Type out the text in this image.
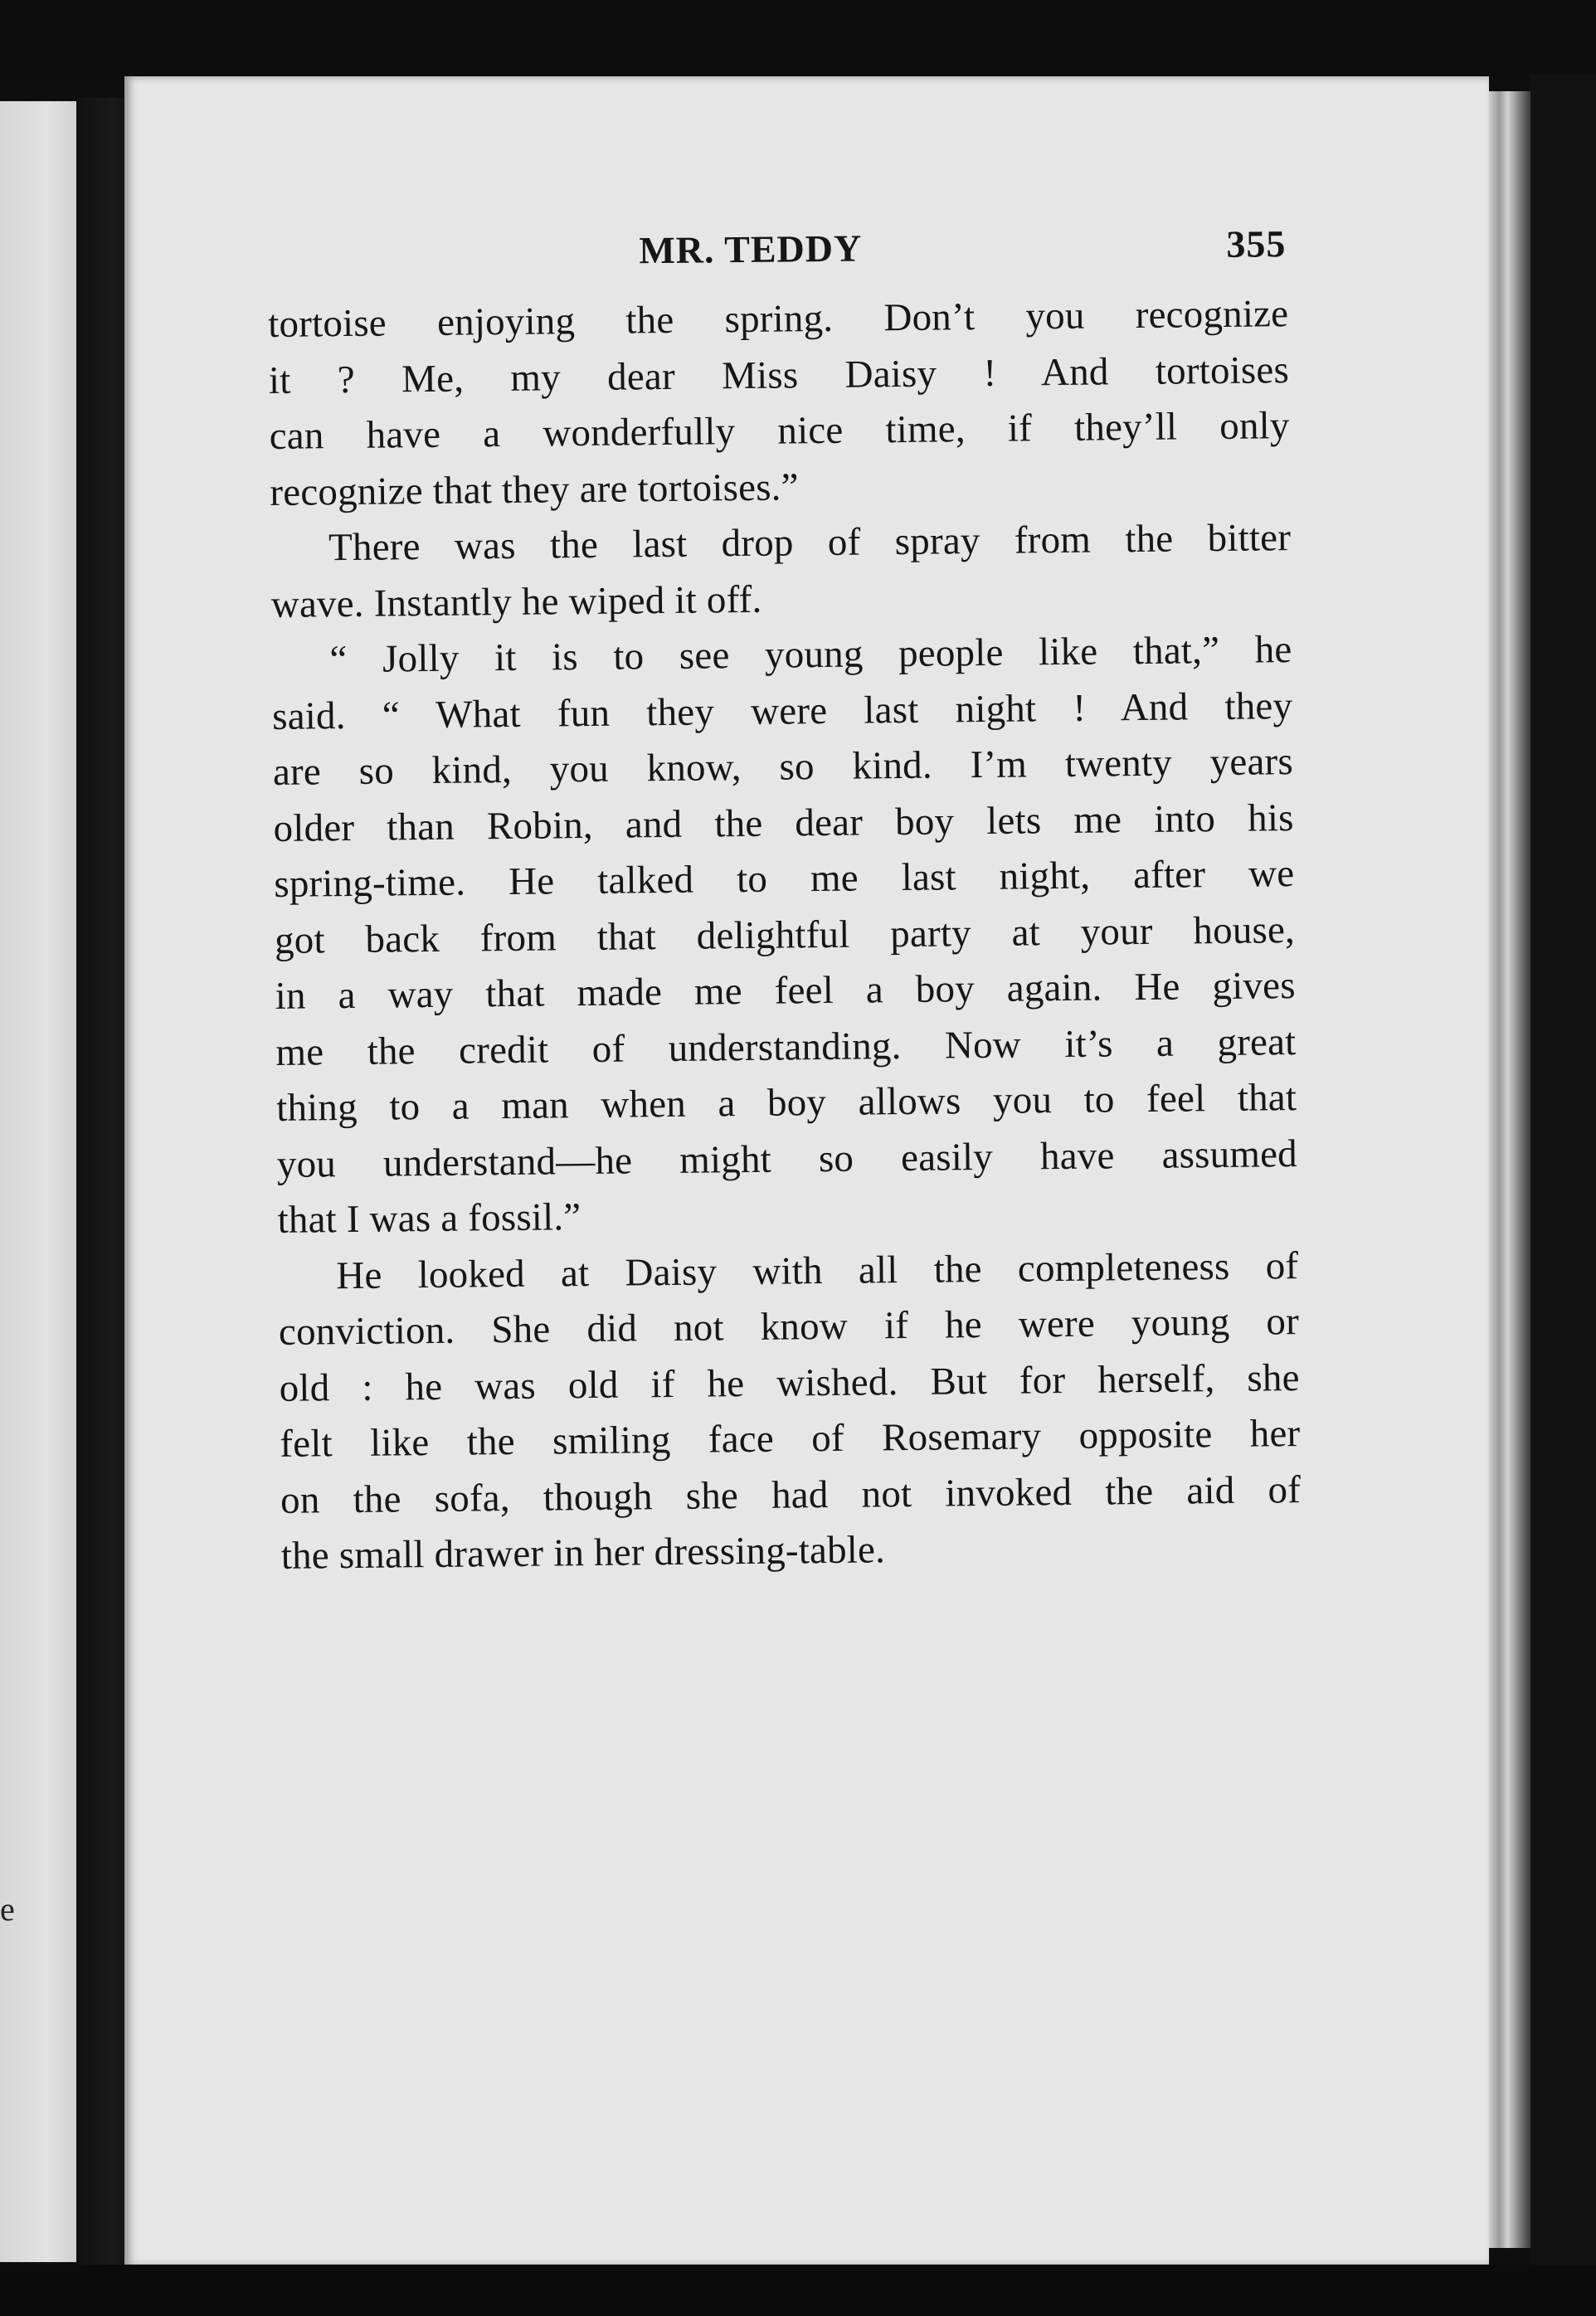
e
MR. TEDDY	355

tortoise enjoying the spring. Don’t you recognize
it ? Me, my dear Miss Daisy ! And tortoises
can have a wonderfully nice time, if they’ll only
recognize that they are tortoises.”

There was the last drop of spray from the bitter
wave. Instantly he wiped it off.

“ Jolly it is to see young people like that,” he
said. “ What fun they were last night ! And they
are so kind, you know, so kind. I’m twenty years
older than Robin, and the dear boy lets me into his
spring-time. He talked to me last night, after we
got back from that delightful party at your house,
in a way that made me feel a boy again. He gives
me the credit of understanding. Now it’s a great
thing to a man when a boy allows you to feel that
you understand—he might so easily have assumed
that I was a fossil.”

He looked at Daisy with all the completeness of
conviction. She did not know if he were young or
old : he was old if he wished. But for herself, she
felt like the smiling face of Rosemary opposite her
on the sofa, though she had not invoked the aid of
the small drawer in her dressing-table.
